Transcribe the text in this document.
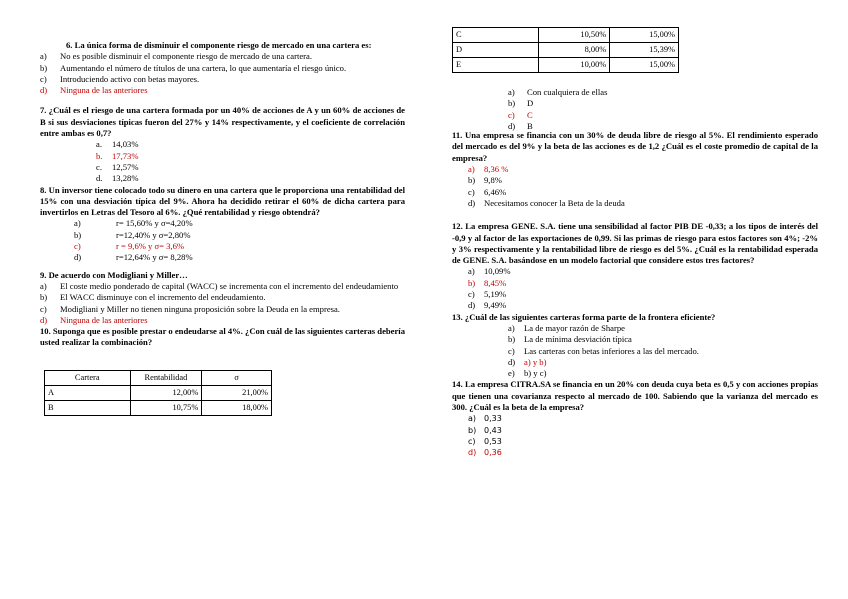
6. La única forma de disminuir el componente riesgo de mercado en una cartera es:

a)	No es posible disminuir el componente riesgo de mercado de una cartera.
b)	Aumentando el número de títulos de una cartera, lo que aumentaría el riesgo único.
c)	Introduciendo activo con betas mayores.
d)	Ninguna de las anteriores

7. ¿Cuál es el riesgo de una cartera formada por un 40% de acciones de A y un 60% de acciones de B si sus desviaciones típicas fueron del 27% y 14% respectivamente, y el coeficiente de correlación entre ambas es 0,7?

a.	14,03%
b.	17,73%
c.	12,57%
d.	13,28%

8. Un inversor tiene colocado todo su dinero en una cartera que le proporciona una rentabilidad del 15% con una desviación típica del 9%. Ahora ha decidido retirar el 60% de dicha cartera para invertirlos en Letras del Tesoro al 6%. ¿Qué rentabilidad y riesgo obtendrá?

a)	r= 15,60% y σ=4,20%
b)	r=12,40% y σ=2,80%
c)	r = 9,6% y σ= 3,6%
d)	r=12,64% y σ= 8,28%

9. De acuerdo con Modigliani y Miller…

a)	El coste medio ponderado de capital (WACC) se incrementa con el incremento del endeudamiento
b)	El WACC disminuye con el incremento del endeudamiento.
c)	Modigliani y Miller no tienen ninguna proposición sobre la Deuda en la empresa.
d)	Ninguna de las anteriores

10. Suponga que es posible prestar o endeudarse al 4%. ¿Con cuál de las siguientes carteras debería usted realizar la combinación?

Cartera	Rentabilidad	σ
A	12,00%	21,00%
B	10,75%	18,00%
C	10,50%	15,00%
D	8,00%	15,39%
E	10,00%	15,00%
a)	Con cualquiera de ellas
b)	D
c)	C
d)	B

11. Una empresa se financia con un 30% de deuda libre de riesgo al 5%. El rendimiento esperado del mercado es del 9% y la beta de las acciones es de 1,2 ¿Cuál es el coste promedio de capital de la empresa?

a)	8,36 %
b)	9,8%
c)	6,46%
d)	Necesitamos conocer la Beta de la deuda

12. La empresa GENE. S.A. tiene una sensibilidad al factor PIB DE -0,33; a los tipos de interés del -0,9 y al factor de las exportaciones de 0,99. Si las primas de riesgo para estos factores son 4%; -2% y 3% respectivamente y la rentabilidad libre de riesgo es del 5%. ¿Cuál es la rentabilidad esperada de GENE. S.A. basándose en un modelo factorial que considere estos tres factores?

a)	10,09%
b)	8,45%
c)	5,19%
d)	9,49%

13. ¿Cuál de las siguientes carteras forma parte de la frontera eficiente?

a)	La de mayor razón de Sharpe
b)	La de mínima desviación típica
c)	Las carteras con betas inferiores a las del mercado.
d)	a) y b)
e)	b) y c)

14. La empresa CITRA.SA se financia en un 20% con deuda cuya beta es 0,5 y con acciones propias que tienen una covarianza respecto al mercado de 100. Sabiendo que la varianza del mercado es 300. ¿Cuál es la beta de la empresa?

a) 0,33
b) 0,43
c)	0,53
d) 0,36
